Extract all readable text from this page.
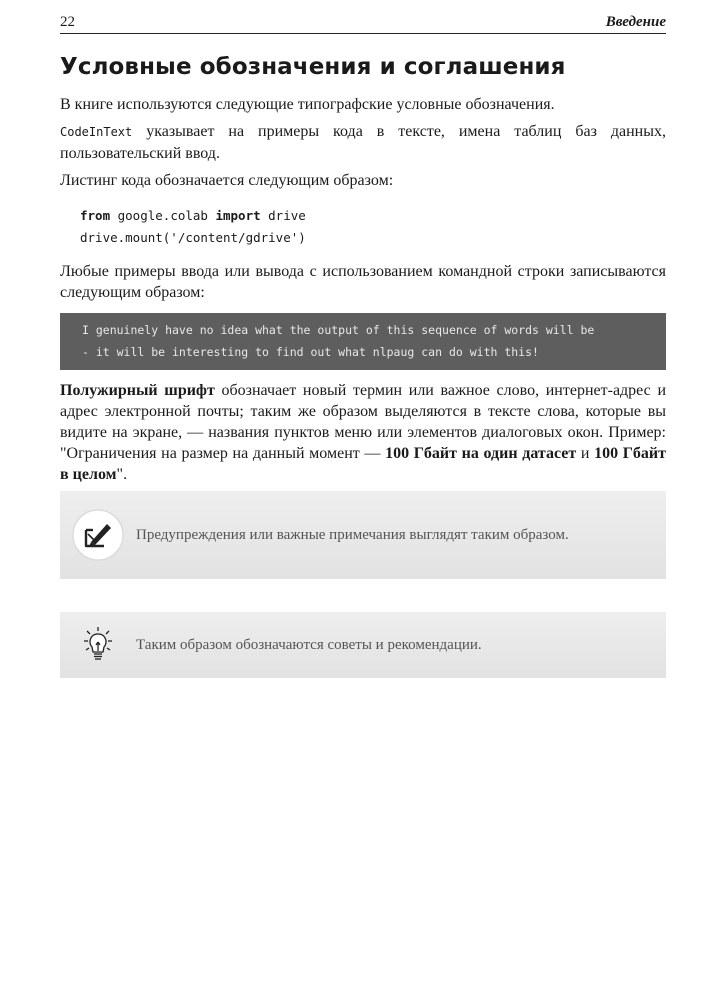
22	Введение
Условные обозначения и соглашения

В книге используются следующие типографские условные обозначения.

CodeInText указывает на примеры кода в тексте, имена таблиц баз данных, пользовательский ввод.

Листинг кода обозначается следующим образом:

from google.colab import drive
drive.mount('/content/gdrive')

Любые примеры ввода или вывода с использованием командной строки записываются следующим образом:

I genuinely have no idea what the output of this sequence of words will be
- it will be interesting to find out what nlpaug can do with this!

Полужирный шрифт обозначает новый термин или важное слово, интернет-адрес и адрес электронной почты; таким же образом выделяются в тексте слова, которые вы видите на экране, — названия пунктов меню или элементов диалоговых окон. Пример: "Ограничения на размер на данный момент — 100 Гбайт на один датасет и 100 Гбайт в целом".

Предупреждения или важные примечания выглядят таким образом.
Таким образом обозначаются советы и рекомендации.
